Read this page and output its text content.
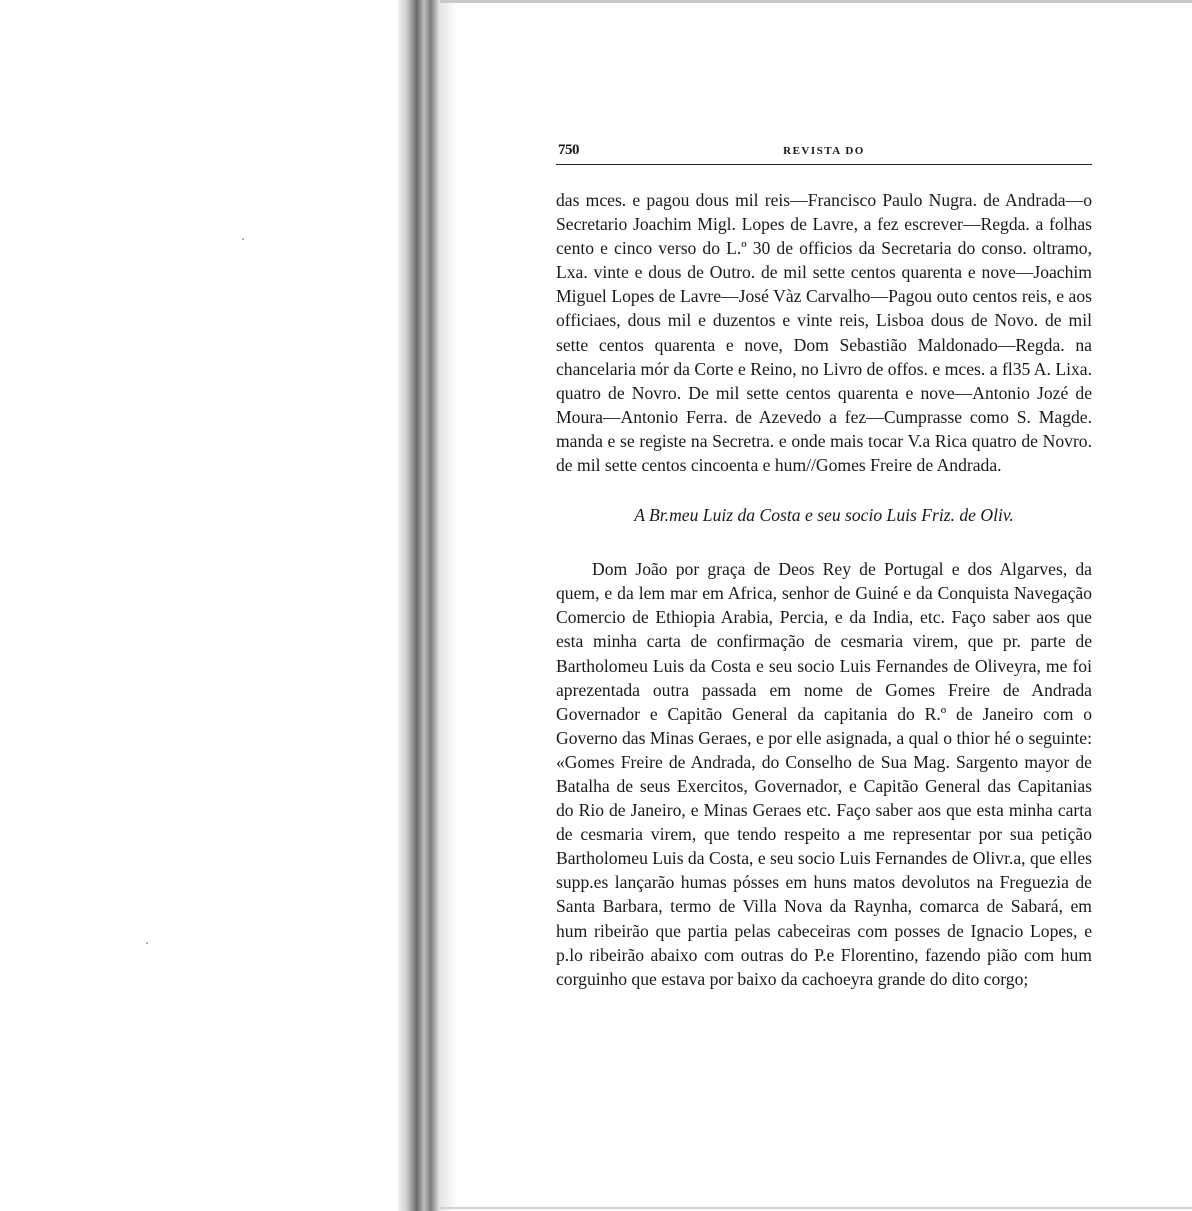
750	REVISTA DO

das mces. e pagou dous mil reis—Francisco Paulo Nugra. de Andrada—o Secretario Joachim Migl. Lopes de Lavre, a fez escrever—Regda. a folhas cento e cinco verso do L.º 30 de officios da Secretaria do conso. oltramo, Lxa. vinte e dous de Outro. de mil sette centos quarenta e nove—Joachim Miguel Lopes de Lavre—José Vàz Carvalho—Pagou outo centos reis, e aos officiaes, dous mil e duzentos e vinte reis, Lisboa dous de Novo. de mil sette centos quarenta e nove, Dom Sebastião Maldonado—Regda. na chancelaria mór da Corte e Reino, no Livro de offos. e mces. a fl35 A. Lixa. quatro de Novro. De mil sette centos quarenta e nove—Antonio Jozé de Moura—Antonio Ferra. de Azevedo a fez—Cumprasse como S. Magde. manda e se registe na Secretra. e onde mais tocar V.a Rica quatro de Novro. de mil sette centos cincoenta e hum//Gomes Freire de Andrada.

A Br.meu Luiz da Costa e seu socio Luis Friz. de Oliv.

Dom João por graça de Deos Rey de Portugal e dos Algarves, da quem, e da lem mar em Africa, senhor de Guiné e da Conquista Navegação Comercio de Ethiopia Arabia, Percia, e da India, etc. Faço saber aos que esta minha carta de confirmação de cesmaria virem, que pr. parte de Bartholomeu Luis da Costa e seu socio Luis Fernandes de Oliveyra, me foi aprezentada outra passada em nome de Gomes Freire de Andrada Governador e Capitão General da capitania do R.º de Janeiro com o Governo das Minas Geraes, e por elle asignada, a qual o thior hé o seguinte: «Gomes Freire de Andrada, do Conselho de Sua Mag. Sargento mayor de Batalha de seus Exercitos, Governador, e Capitão General das Capitanias do Rio de Janeiro, e Minas Geraes etc. Faço saber aos que esta minha carta de cesmaria virem, que tendo respeito a me representar por sua petição Bartholomeu Luis da Costa, e seu socio Luis Fernandes de Olivr.a, que elles supp.es lançarão humas pósses em huns matos devolutos na Freguezia de Santa Barbara, termo de Villa Nova da Raynha, comarca de Sabará, em hum ribeirão que partia pelas cabeceiras com posses de Ignacio Lopes, e p.lo ribeirão abaixo com outras do P.e Florentino, fazendo pião com hum corguinho que estava por baixo da cachoeyra grande do dito corgo;
